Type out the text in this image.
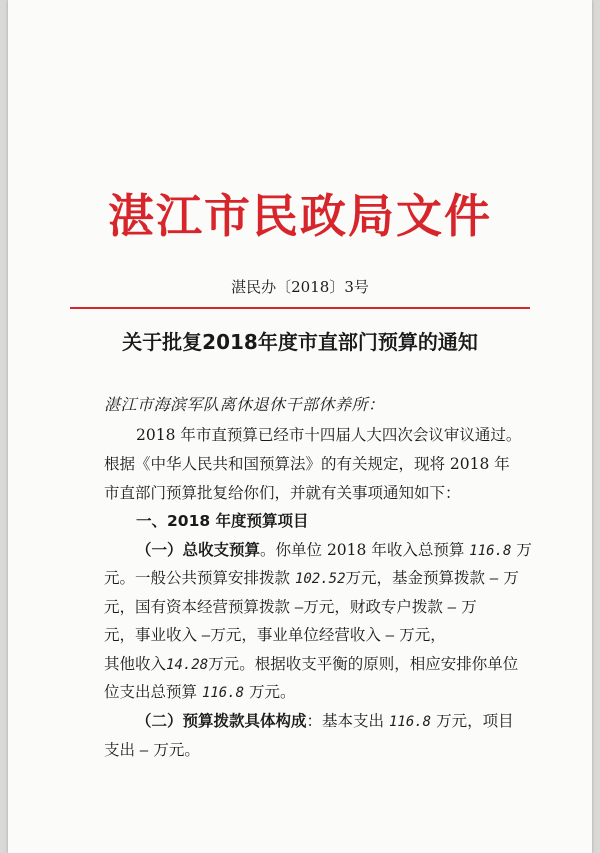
湛江市民政局文件
湛民办〔2018〕3号
关于批复2018年度市直部门预算的通知
湛江市海滨军队离休退休干部休养所：
2018 年市直预算已经市十四届人大四次会议审议通过。
根据《中华人民共和国预算法》的有关规定，现将 2018 年
市直部门预算批复给你们，并就有关事项通知如下：
一、2018 年度预算项目
（一）总收支预算。你单位 2018 年收入总预算 116.8 万
元。一般公共预算安排拨款 102.52万元，基金预算拨款 — 万
元，国有资本经营预算拨款 —万元，财政专户拨款 — 万
元，事业收入 —万元，事业单位经营收入 — 万元，
其他收入14.28万元。根据收支平衡的原则，相应安排你单位
位支出总预算 116.8 万元。
（二）预算拨款具体构成：基本支出 116.8 万元，项目
支出 — 万元。
